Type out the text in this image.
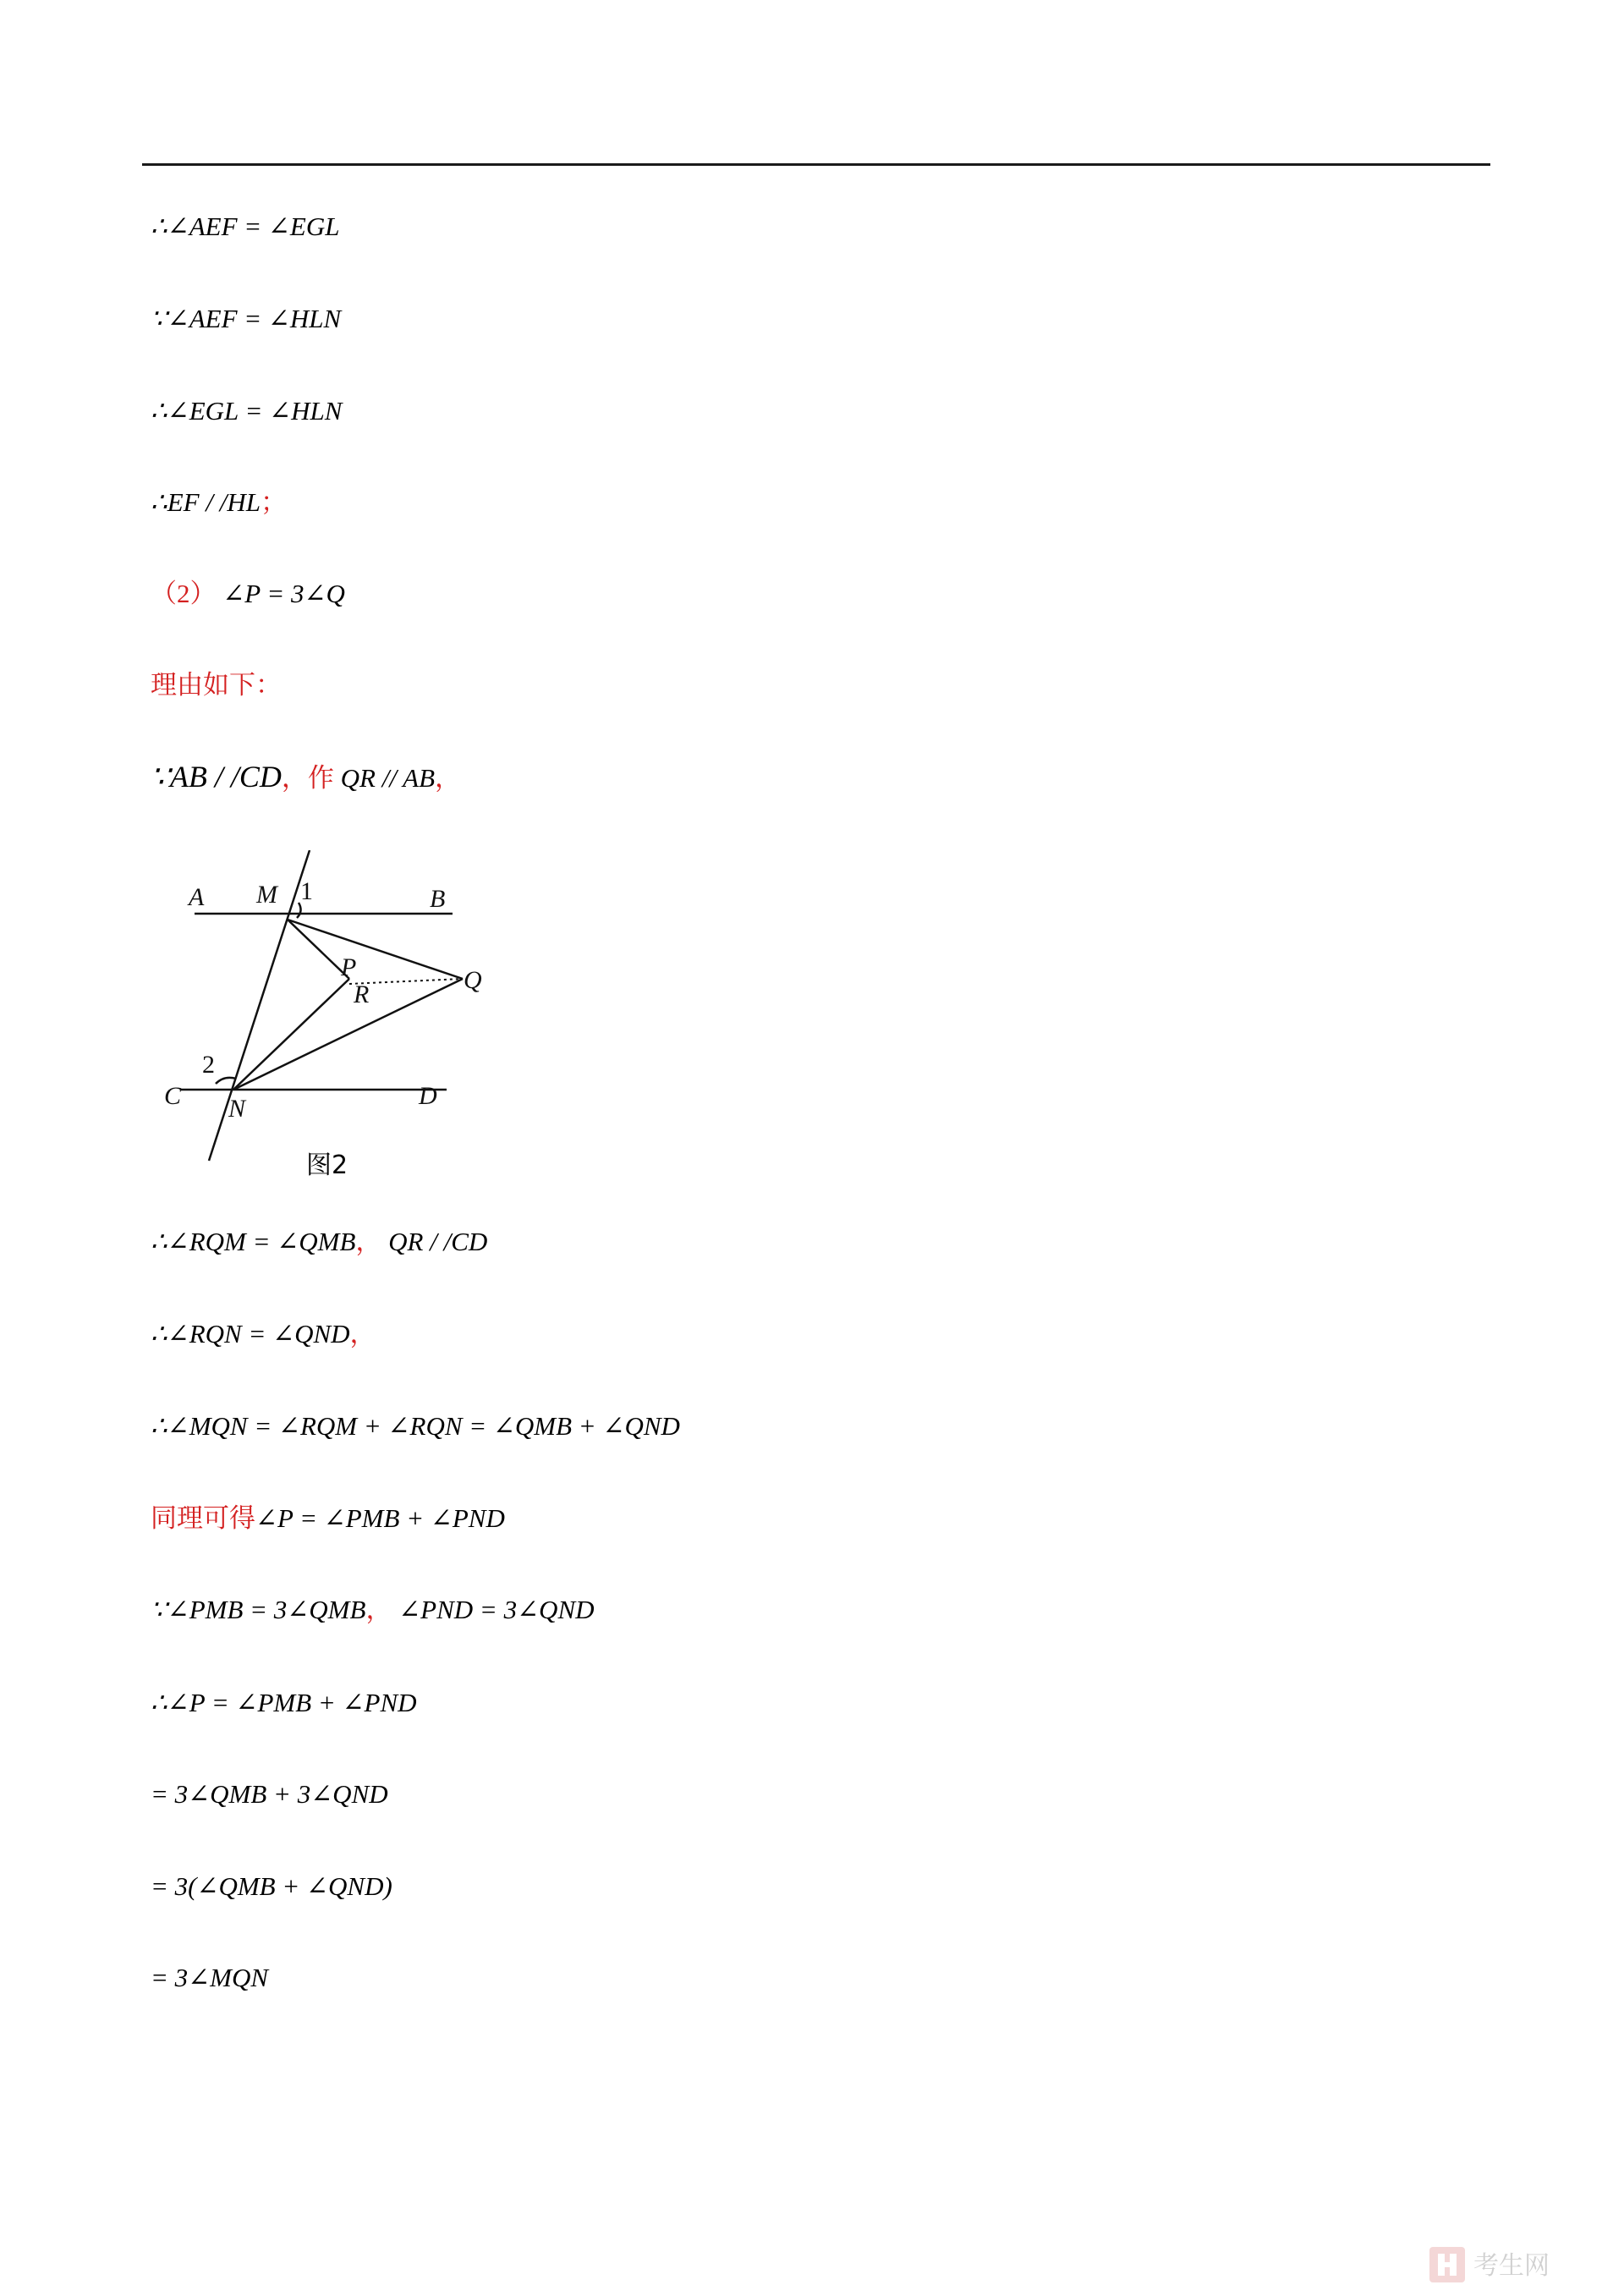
∴∠AEF = ∠EGL
∵∠AEF = ∠HLN
∴∠EGL = ∠HLN
∴EF / /HL；
（2） ∠P = 3∠Q
理由如下：
∵AB / /CD，作 QR // AB，
A M	B
P
R
Q
C N	D
1
2
图2
∴∠RQM = ∠QMB， QR / /CD
∴∠RQN = ∠QND，
∴∠MQN = ∠RQM + ∠RQN = ∠QMB + ∠QND
同理可得∠P = ∠PMB + ∠PND
∵∠PMB = 3∠QMB， ∠PND = 3∠QND
∴∠P = ∠PMB + ∠PND
= 3∠QMB + 3∠QND
= 3(∠QMB + ∠QND)
= 3∠MQN
考生网
